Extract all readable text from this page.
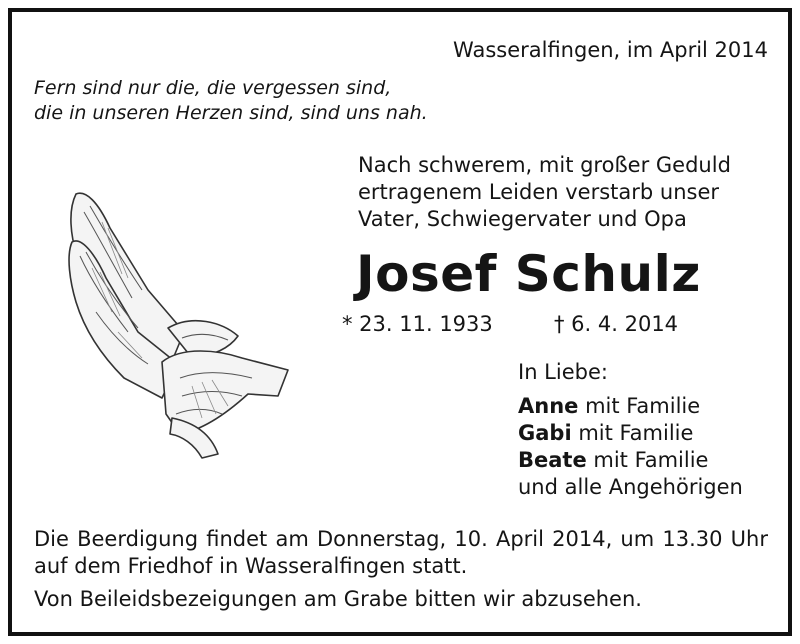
Wasseralfingen, im April 2014
Fern sind nur die, die vergessen sind,
die in unseren Herzen sind, sind uns nah.
Nach schwerem, mit großer Geduld
ertragenem Leiden verstarb unser
Vater, Schwiegervater und Opa
Josef Schulz
* 23. 11. 1933	† 6. 4. 2014
In Liebe:
Anne mit Familie
Gabi mit Familie
Beate mit Familie
und alle Angehörigen

Die Beerdigung findet am Donnerstag, 10. April 2014, um 13.30 Uhr auf dem Friedhof in Wasseralfingen statt.

Von Beileidsbezeigungen am Grabe bitten wir abzusehen.
